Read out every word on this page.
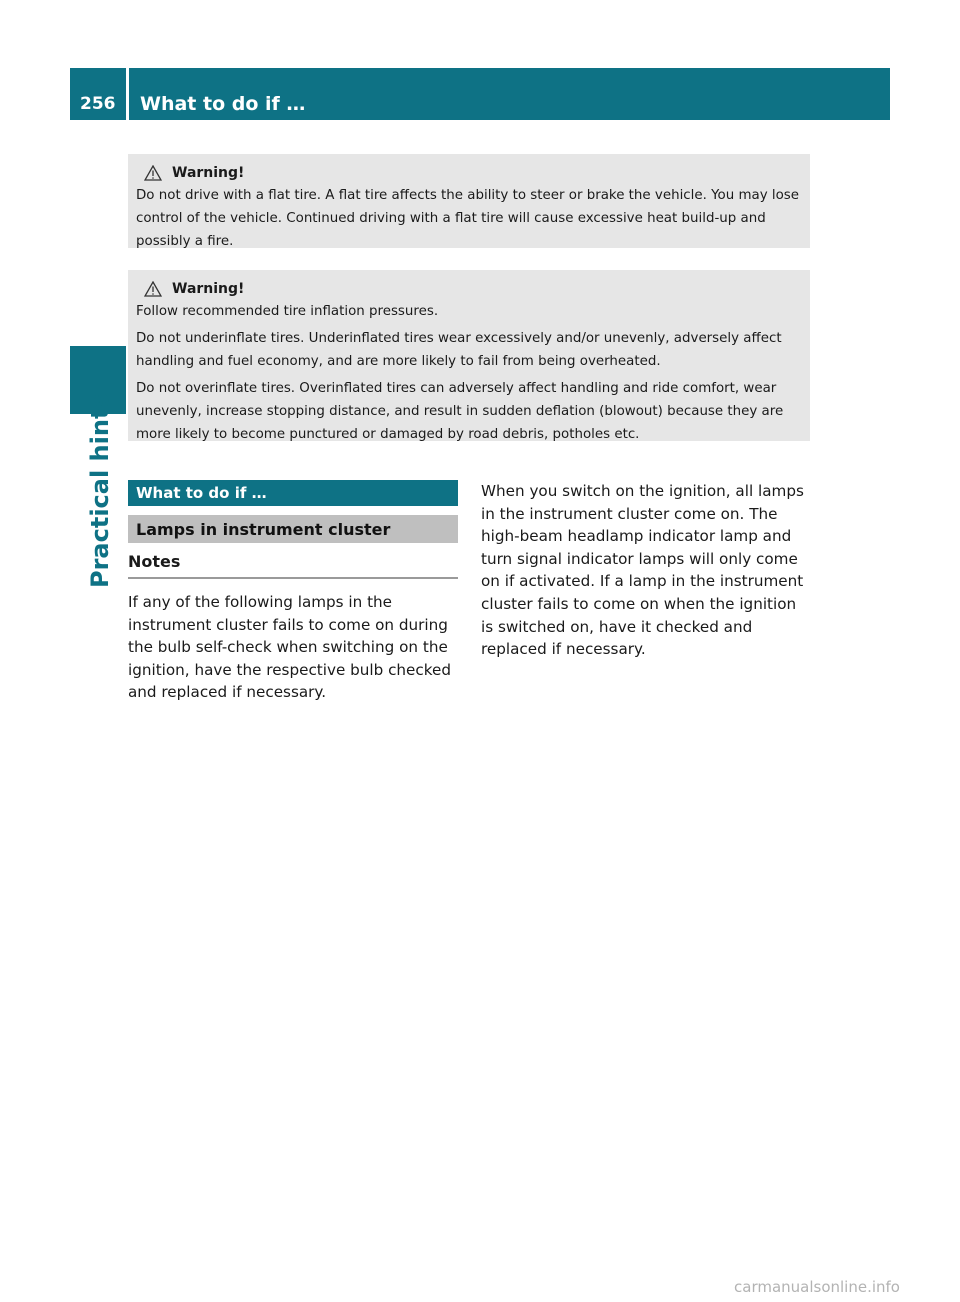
256	What to do if …
Practical hints
Warning!

Do not drive with a flat tire. A flat tire affects the ability to steer or brake the vehicle. You may lose control of the vehicle. Continued driving with a flat tire will cause excessive heat build-up and possibly a fire.

Warning!

Follow recommended tire inflation pressures.

Do not underinflate tires. Underinflated tires wear excessively and/or unevenly, adversely affect handling and fuel economy, and are more likely to fail from being overheated.

Do not overinflate tires. Overinflated tires can adversely affect handling and ride comfort, wear unevenly, increase stopping distance, and result in sudden deflation (blowout) because they are more likely to become punctured or damaged by road debris, potholes etc.

What to do if …
Lamps in instrument cluster
Notes
If any of the following lamps in the instrument cluster fails to come on during the bulb self-check when switching on the ignition, have the respective bulb checked and replaced if necessary.
When you switch on the ignition, all lamps in the instrument cluster come on. The high-beam headlamp indicator lamp and turn signal indicator lamps will only come on if activated. If a lamp in the instrument cluster fails to come on when the ignition is switched on, have it checked and replaced if necessary.
carmanualsonline.info
